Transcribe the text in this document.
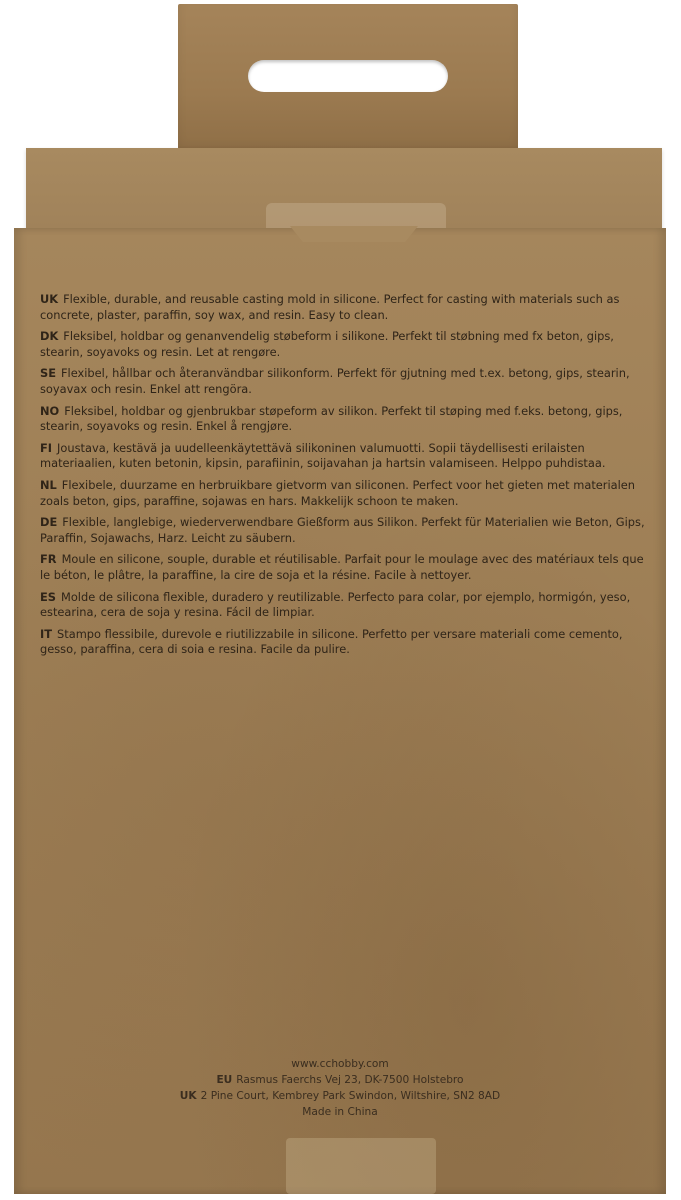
UK Flexible, durable, and reusable casting mold in silicone. Perfect for casting with materials such as concrete, plaster, paraffin, soy wax, and resin. Easy to clean.

DK Fleksibel, holdbar og genanvendelig støbeform i silikone. Perfekt til støbning med fx beton, gips, stearin, soyavoks og resin. Let at rengøre.

SE Flexibel, hållbar och återanvändbar silikonform. Perfekt för gjutning med t.ex. betong, gips, stearin, soyavax och resin. Enkel att rengöra.

NO Fleksibel, holdbar og gjenbrukbar støpeform av silikon. Perfekt til støping med f.eks. betong, gips, stearin, soyavoks og resin. Enkel å rengjøre.

FI Joustava, kestävä ja uudelleenkäytettävä silikoninen valumuotti. Sopii täydellisesti erilaisten materiaalien, kuten betonin, kipsin, parafiinin, soijavahan ja hartsin valamiseen. Helppo puhdistaa.

NL Flexibele, duurzame en herbruikbare gietvorm van siliconen. Perfect voor het gieten met materialen zoals beton, gips, paraffine, sojawas en hars. Makkelijk schoon te maken.

DE Flexible, langlebige, wiederverwendbare Gießform aus Silikon. Perfekt für Materialien wie Beton, Gips, Paraffin, Sojawachs, Harz. Leicht zu säubern.

FR Moule en silicone, souple, durable et réutilisable. Parfait pour le moulage avec des matériaux tels que le béton, le plâtre, la paraffine, la cire de soja et la résine. Facile à nettoyer.

ES Molde de silicona flexible, duradero y reutilizable. Perfecto para colar, por ejemplo, hormigón, yeso, estearina, cera de soja y resina. Fácil de limpiar.

IT Stampo flessibile, durevole e riutilizzabile in silicone. Perfetto per versare materiali come cemento, gesso, paraffina, cera di soia e resina. Facile da pulire.

www.cchobby.com
EU Rasmus Faerchs Vej 23, DK-7500 Holstebro
UK 2 Pine Court, Kembrey Park Swindon, Wiltshire, SN2 8AD
Made in China
